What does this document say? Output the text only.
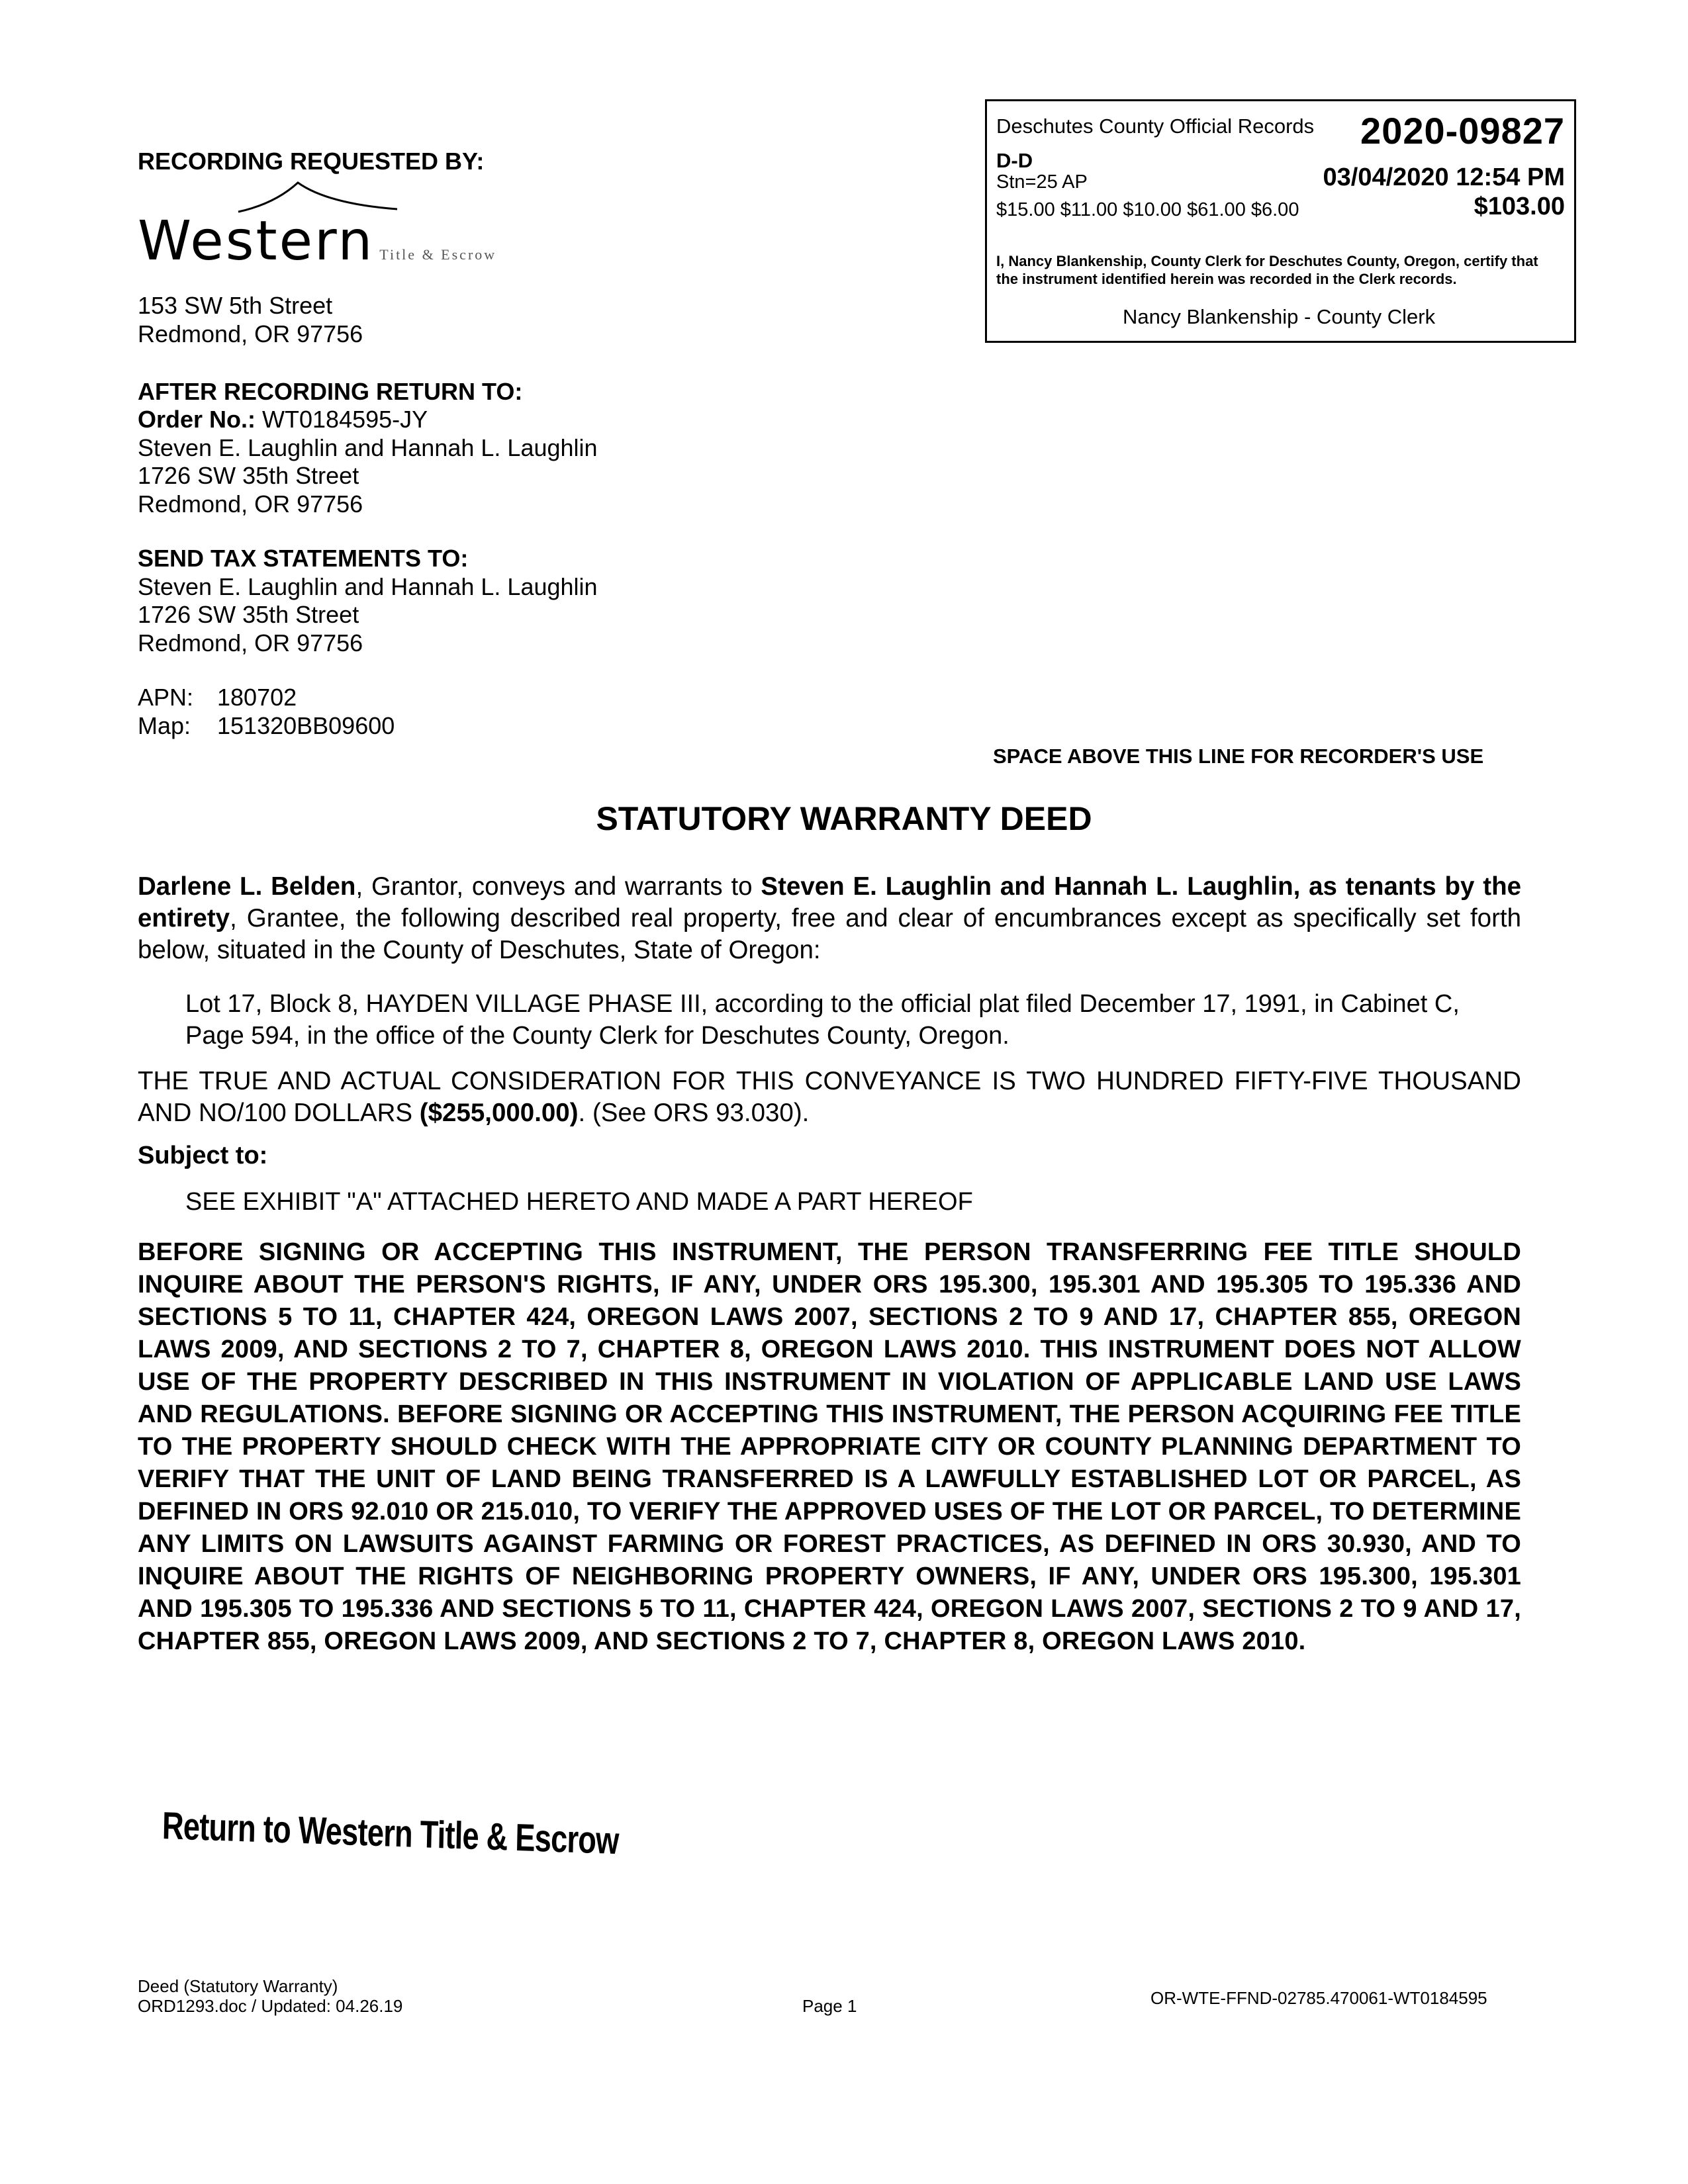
RECORDING REQUESTED BY:
Western Title & Escrow
153 SW 5th Street
Redmond, OR 97756
Deschutes County Official Records	2020-09827
D-D
Stn=25 AP	03/04/2020 12:54 PM
$15.00 $11.00 $10.00 $61.00 $6.00	$103.00
I, Nancy Blankenship, County Clerk for Deschutes County, Oregon, certify that the instrument identified herein was recorded in the Clerk records.
Nancy Blankenship - County Clerk
AFTER RECORDING RETURN TO:
Order No.: WT0184595-JY
Steven E. Laughlin and Hannah L. Laughlin
1726 SW 35th Street
Redmond, OR 97756
SEND TAX STATEMENTS TO:
Steven E. Laughlin and Hannah L. Laughlin
1726 SW 35th Street
Redmond, OR 97756
APN: 180702
Map: 151320BB09600
SPACE ABOVE THIS LINE FOR RECORDER'S USE
STATUTORY WARRANTY DEED
Darlene L. Belden, Grantor, conveys and warrants to Steven E. Laughlin and Hannah L. Laughlin, as tenants by the entirety, Grantee, the following described real property, free and clear of encumbrances except as specifically set forth below, situated in the County of Deschutes, State of Oregon:
Lot 17, Block 8, HAYDEN VILLAGE PHASE III, according to the official plat filed December 17, 1991, in Cabinet C, Page 594, in the office of the County Clerk for Deschutes County, Oregon.
THE TRUE AND ACTUAL CONSIDERATION FOR THIS CONVEYANCE IS TWO HUNDRED FIFTY-FIVE THOUSAND AND NO/100 DOLLARS ($255,000.00). (See ORS 93.030).
Subject to:
SEE EXHIBIT "A" ATTACHED HERETO AND MADE A PART HEREOF
BEFORE SIGNING OR ACCEPTING THIS INSTRUMENT, THE PERSON TRANSFERRING FEE TITLE SHOULD INQUIRE ABOUT THE PERSON'S RIGHTS, IF ANY, UNDER ORS 195.300, 195.301 AND 195.305 TO 195.336 AND SECTIONS 5 TO 11, CHAPTER 424, OREGON LAWS 2007, SECTIONS 2 TO 9 AND 17, CHAPTER 855, OREGON LAWS 2009, AND SECTIONS 2 TO 7, CHAPTER 8, OREGON LAWS 2010. THIS INSTRUMENT DOES NOT ALLOW USE OF THE PROPERTY DESCRIBED IN THIS INSTRUMENT IN VIOLATION OF APPLICABLE LAND USE LAWS AND REGULATIONS. BEFORE SIGNING OR ACCEPTING THIS INSTRUMENT, THE PERSON ACQUIRING FEE TITLE TO THE PROPERTY SHOULD CHECK WITH THE APPROPRIATE CITY OR COUNTY PLANNING DEPARTMENT TO VERIFY THAT THE UNIT OF LAND BEING TRANSFERRED IS A LAWFULLY ESTABLISHED LOT OR PARCEL, AS DEFINED IN ORS 92.010 OR 215.010, TO VERIFY THE APPROVED USES OF THE LOT OR PARCEL, TO DETERMINE ANY LIMITS ON LAWSUITS AGAINST FARMING OR FOREST PRACTICES, AS DEFINED IN ORS 30.930, AND TO INQUIRE ABOUT THE RIGHTS OF NEIGHBORING PROPERTY OWNERS, IF ANY, UNDER ORS 195.300, 195.301 AND 195.305 TO 195.336 AND SECTIONS 5 TO 11, CHAPTER 424, OREGON LAWS 2007, SECTIONS 2 TO 9 AND 17, CHAPTER 855, OREGON LAWS 2009, AND SECTIONS 2 TO 7, CHAPTER 8, OREGON LAWS 2010.
Return to Western Title & Escrow
Deed (Statutory Warranty)
ORD1293.doc / Updated: 04.26.19	Page 1	OR-WTE-FFND-02785.470061-WT0184595
